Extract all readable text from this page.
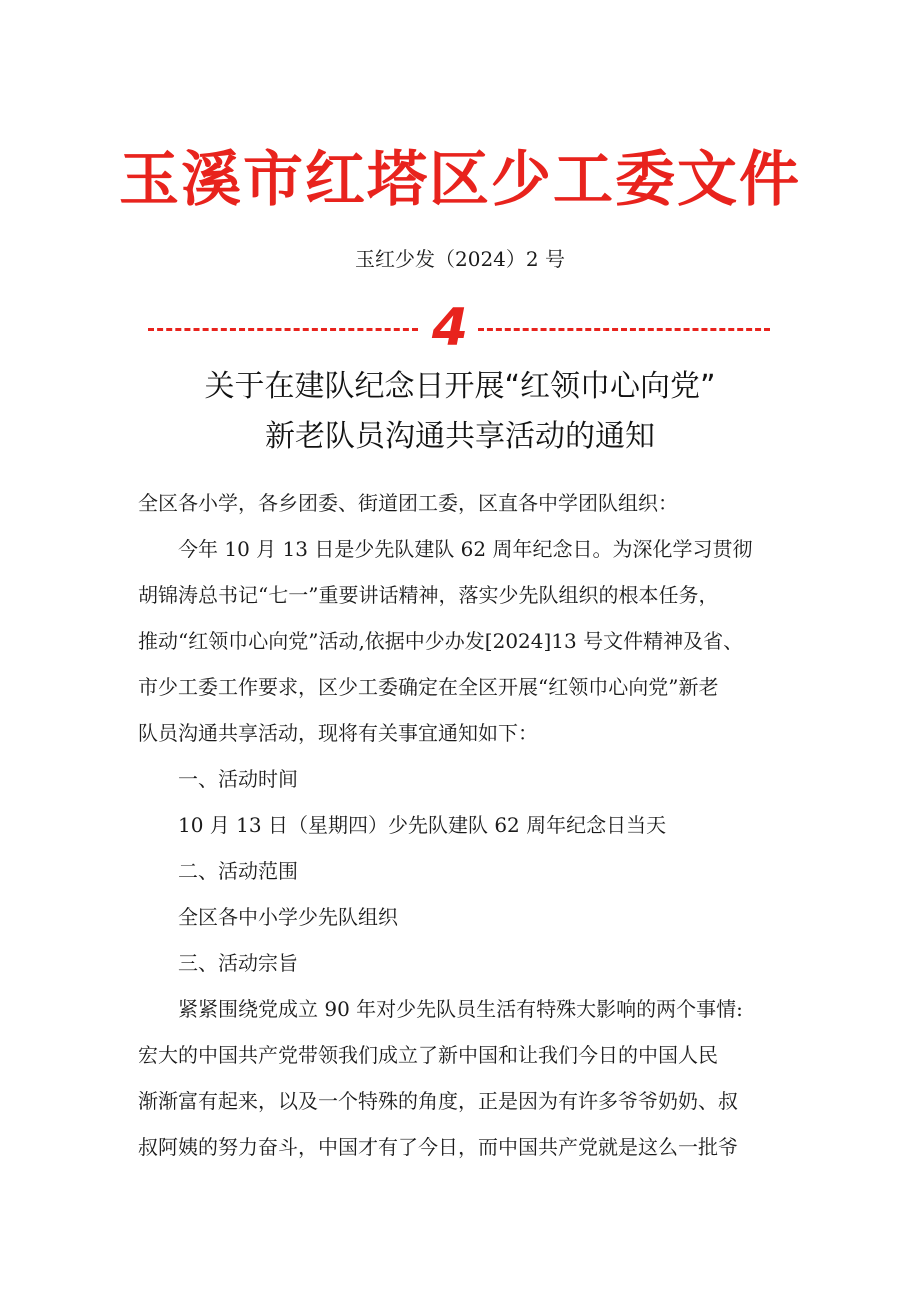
玉溪市红塔区少工委文件
玉红少发（2024）2 号
4
关于在建队纪念日开展“红领巾心向党”
新老队员沟通共享活动的通知

全区各小学，各乡团委、街道团工委，区直各中学团队组织：

今年 10 月 13 日是少先队建队 62 周年纪念日。为深化学习贯彻
胡锦涛总书记“七一”重要讲话精神，落实少先队组织的根本任务，
推动“红领巾心向党”活动,依据中少办发[2024]13 号文件精神及省、
市少工委工作要求，区少工委确定在全区开展“红领巾心向党”新老
队员沟通共享活动，现将有关事宜通知如下：

一、活动时间

10 月 13 日（星期四）少先队建队 62 周年纪念日当天

二、活动范围

全区各中小学少先队组织

三、活动宗旨

紧紧围绕党成立 90 年对少先队员生活有特殊大影响的两个事情:
宏大的中国共产党带领我们成立了新中国和让我们今日的中国人民
渐渐富有起来，以及一个特殊的角度，正是因为有许多爷爷奶奶、叔
叔阿姨的努力奋斗，中国才有了今日，而中国共产党就是这么一批爷
